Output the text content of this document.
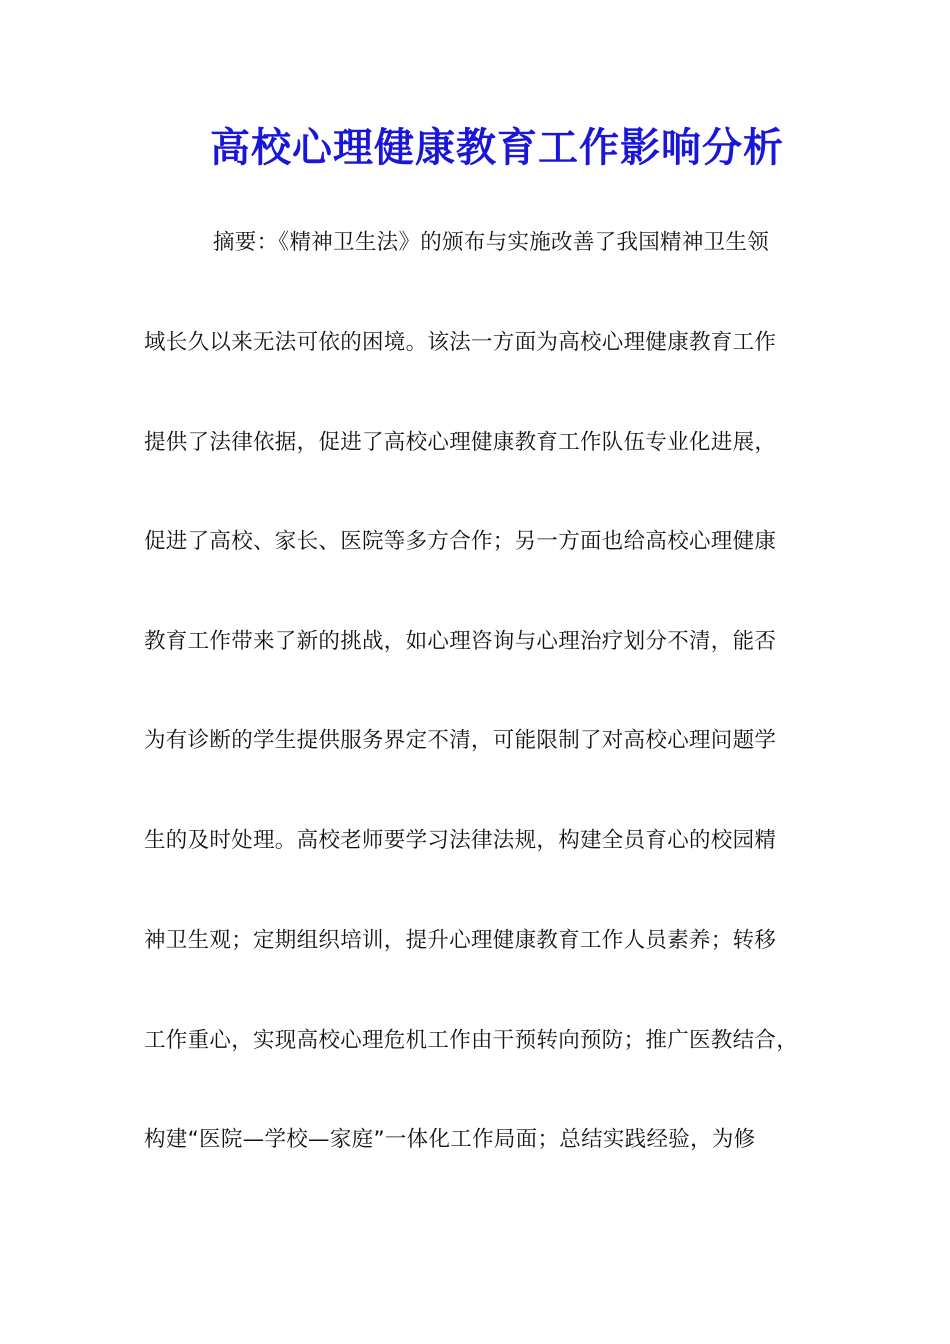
高校心理健康教育工作影响分析
摘要：《精神卫生法》的颁布与实施改善了我国精神卫生领
域长久以来无法可依的困境。该法一方面为高校心理健康教育工作
提供了法律依据，促进了高校心理健康教育工作队伍专业化进展，
促进了高校、家长、医院等多方合作；另一方面也给高校心理健康
教育工作带来了新的挑战，如心理咨询与心理治疗划分不清，能否
为有诊断的学生提供服务界定不清，可能限制了对高校心理问题学
生的及时处理。高校老师要学习法律法规，构建全员育心的校园精
神卫生观；定期组织培训，提升心理健康教育工作人员素养；转移
工作重心，实现高校心理危机工作由干预转向预防；推广医教结合，
构建“医院—学校—家庭”一体化工作局面；总结实践经验，为修
